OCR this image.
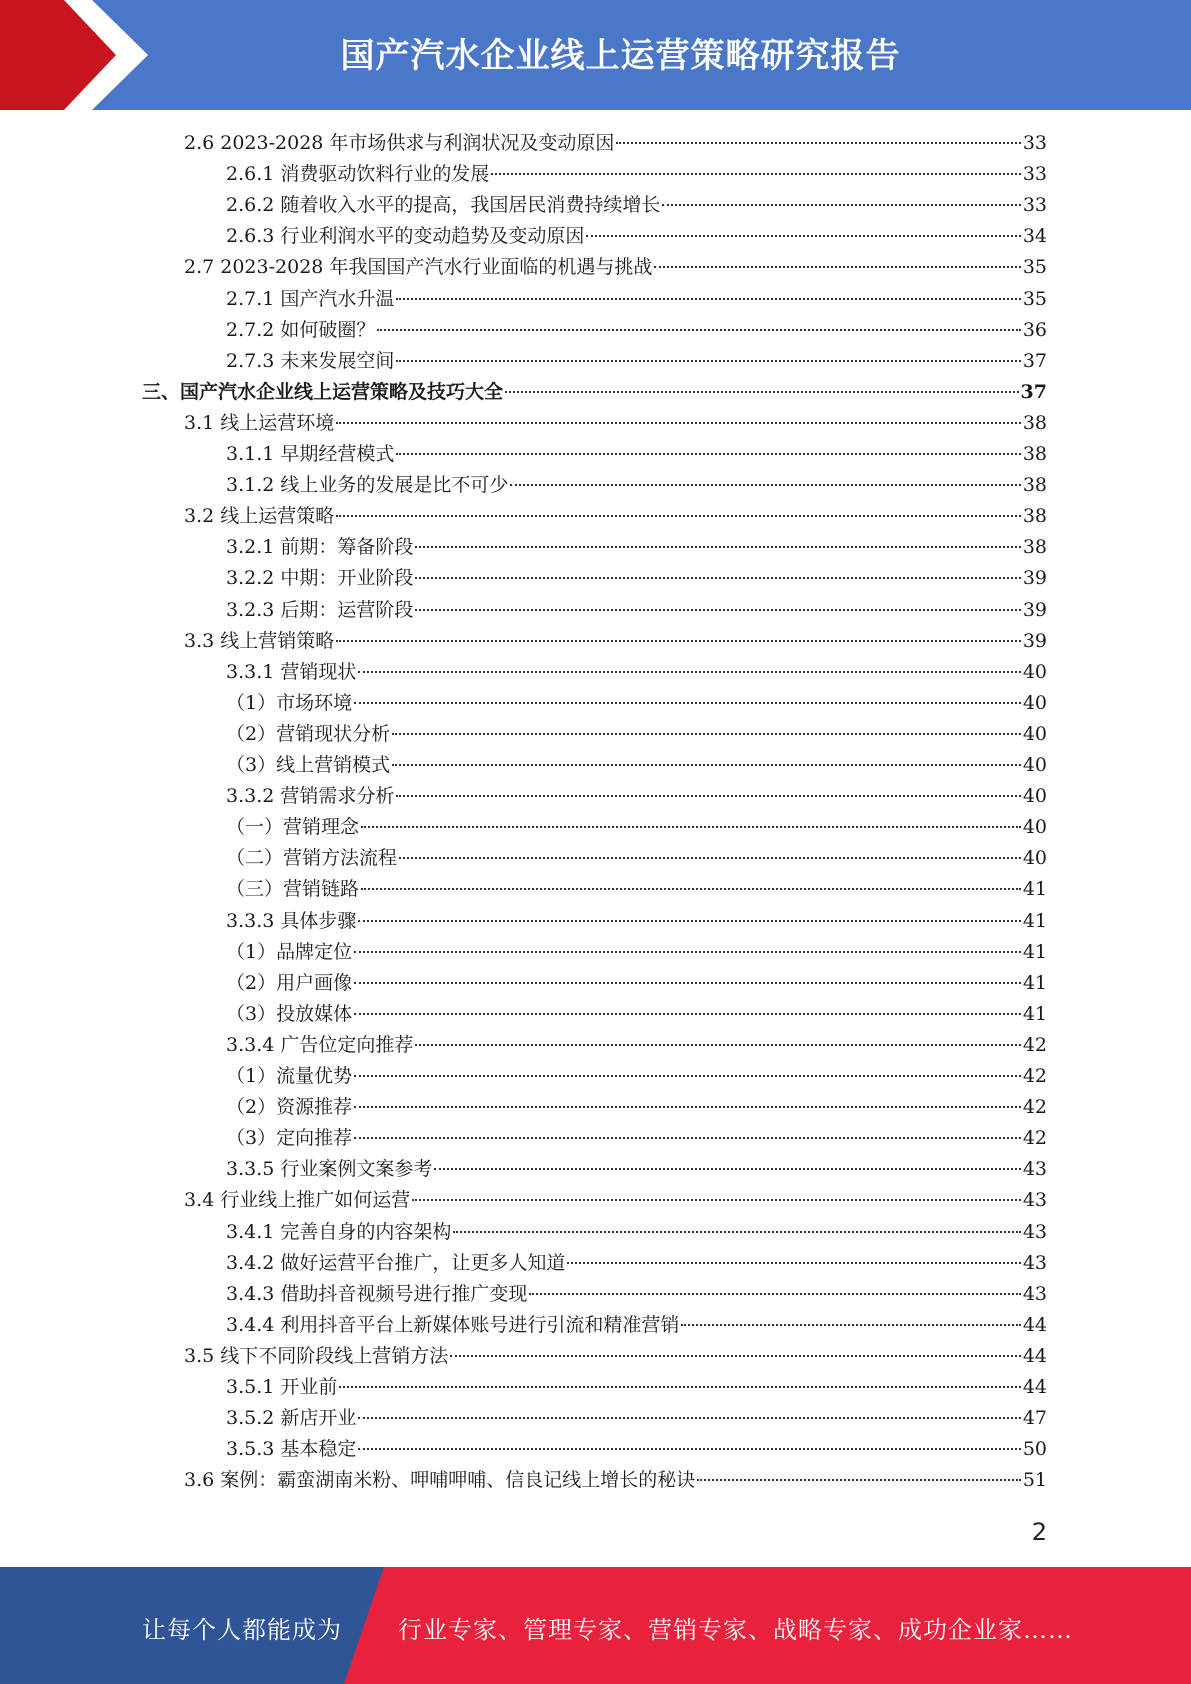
国产汽水企业线上运营策略研究报告
2.6 2023-2028 年市场供求与利润状况及变动原因	33
2.6.1 消费驱动饮料行业的发展	33
2.6.2 随着收入水平的提高，我国居民消费持续增长	33
2.6.3 行业利润水平的变动趋势及变动原因	34
2.7 2023-2028 年我国国产汽水行业面临的机遇与挑战	35
2.7.1 国产汽水升温	35
2.7.2 如何破圈？	36
2.7.3 未来发展空间	37
三、国产汽水企业线上运营策略及技巧大全	37
3.1 线上运营环境	38
3.1.1 早期经营模式	38
3.1.2 线上业务的发展是比不可少	38
3.2 线上运营策略	38
3.2.1 前期：筹备阶段	38
3.2.2 中期：开业阶段	39
3.2.3 后期：运营阶段	39
3.3 线上营销策略	39
3.3.1 营销现状	40
（1）市场环境	40
（2）营销现状分析	40
（3）线上营销模式	40
3.3.2 营销需求分析	40
（一）营销理念	40
（二）营销方法流程	40
（三）营销链路	41
3.3.3 具体步骤	41
（1）品牌定位	41
（2）用户画像	41
（3）投放媒体	41
3.3.4 广告位定向推荐	42
（1）流量优势	42
（2）资源推荐	42
（3）定向推荐	42
3.3.5 行业案例文案参考	43
3.4 行业线上推广如何运营	43
3.4.1 完善自身的内容架构	43
3.4.2 做好运营平台推广，让更多人知道	43
3.4.3 借助抖音视频号进行推广变现	43
3.4.4 利用抖音平台上新媒体账号进行引流和精准营销	44
3.5 线下不同阶段线上营销方法	44
3.5.1 开业前	44
3.5.2 新店开业	47
3.5.3 基本稳定	50
3.6 案例：霸蛮湖南米粉、呷哺呷哺、信良记线上增长的秘诀	51
2
让每个人都能成为 行业专家、管理专家、营销专家、战略专家、成功企业家……
